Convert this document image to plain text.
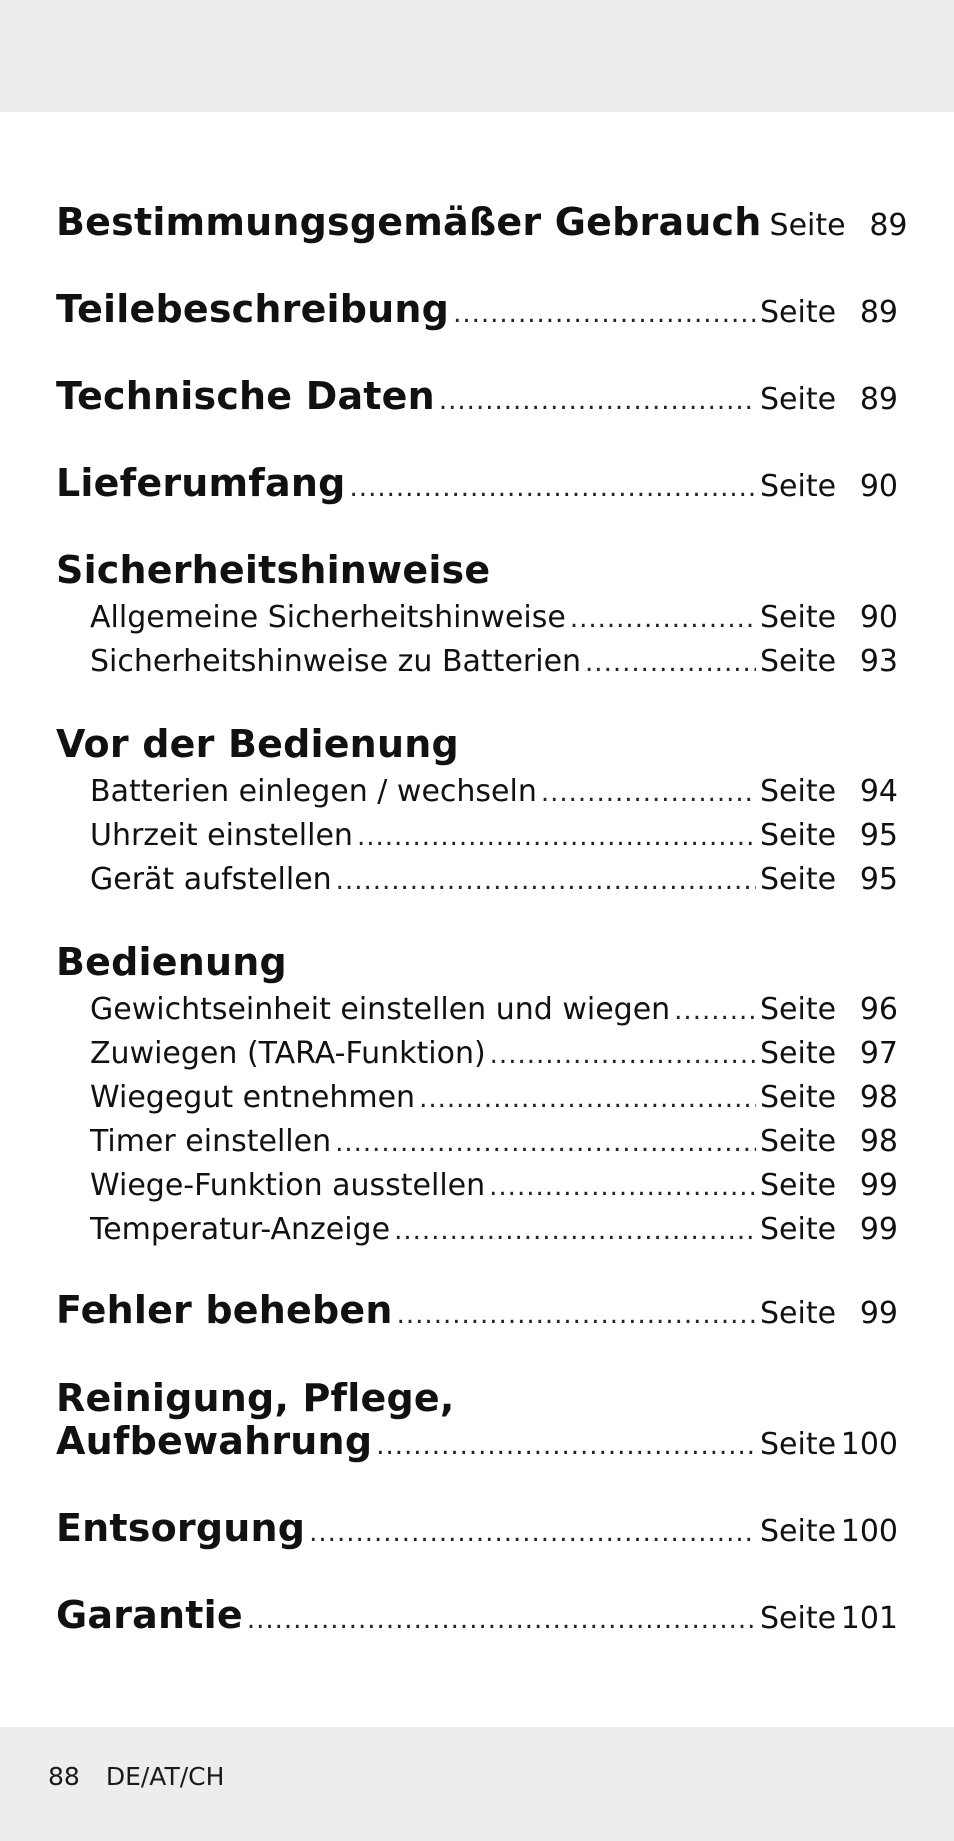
Bestimmungsgemäßer Gebrauch Seite 89
Teilebeschreibung .....	Seite 89
Technische Daten .....	Seite 89
Lieferumfang .....	Seite 90
Sicherheitshinweise
Allgemeine Sicherheitshinweise .....	Seite 90
Sicherheitshinweise zu Batterien .....	Seite 93
Vor der Bedienung
Batterien einlegen / wechseln .....	Seite 94
Uhrzeit einstellen .....	Seite 95
Gerät aufstellen .....	Seite 95
Bedienung
Gewichtseinheit einstellen und wiegen .....	Seite 96
Zuwiegen (TARA-Funktion) .....	Seite 97
Wiegegut entnehmen .....	Seite 98
Timer einstellen .....	Seite 98
Wiege-Funktion ausstellen .....	Seite 99
Temperatur-Anzeige .....	Seite 99
Fehler beheben .....	Seite 99
Reinigung, Pflege,
Aufbewahrung .....	Seite 100
Entsorgung .....	Seite 100
Garantie .....	Seite 101
88 DE/AT/CH
